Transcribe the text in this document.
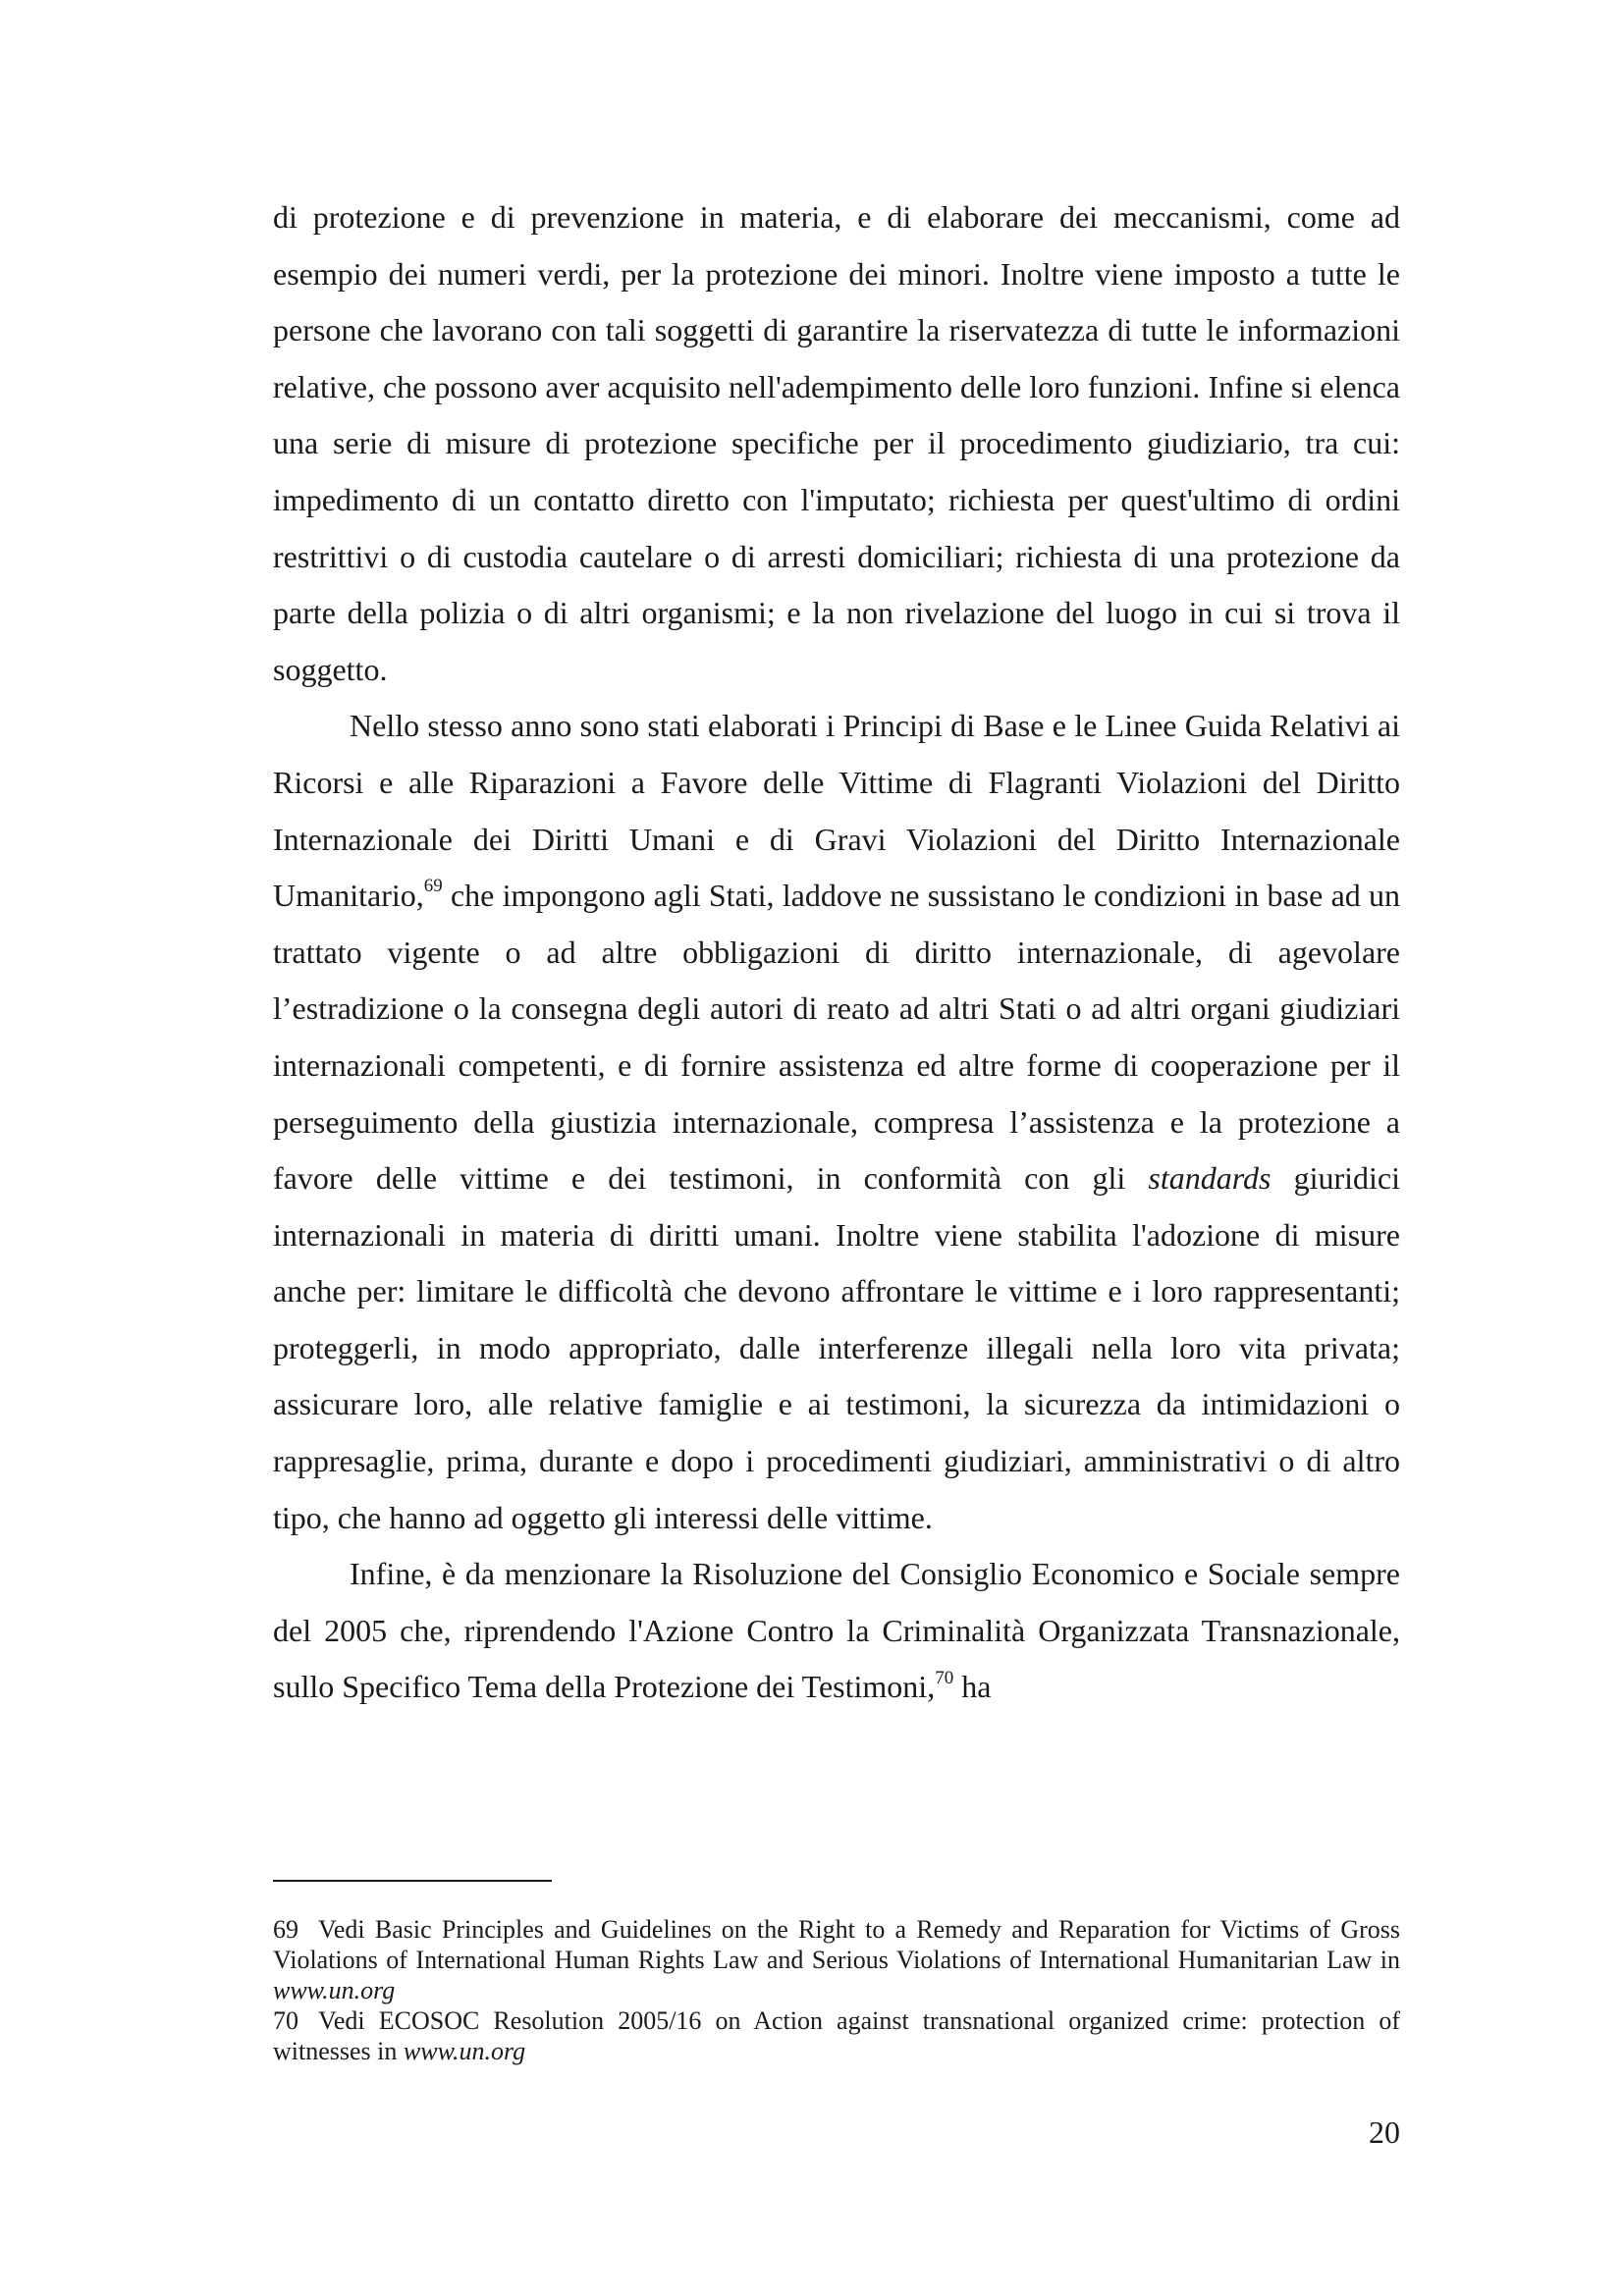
di protezione e di prevenzione in materia, e di elaborare dei meccanismi, come ad esempio dei numeri verdi, per la protezione dei minori. Inoltre viene imposto a tutte le persone che lavorano con tali soggetti di garantire la riservatezza di tutte le informazioni relative, che possono aver acquisito nell'adempimento delle loro funzioni. Infine si elenca una serie di misure di protezione specifiche per il procedimento giudiziario, tra cui: impedimento di un contatto diretto con l'imputato; richiesta per quest'ultimo di ordini restrittivi o di custodia cautelare o di arresti domiciliari; richiesta di una protezione da parte della polizia o di altri organismi; e la non rivelazione del luogo in cui si trova il soggetto.

Nello stesso anno sono stati elaborati i Principi di Base e le Linee Guida Relativi ai Ricorsi e alle Riparazioni a Favore delle Vittime di Flagranti Violazioni del Diritto Internazionale dei Diritti Umani e di Gravi Violazioni del Diritto Internazionale Umanitario,$^{69}$ che impongono agli Stati, laddove ne sussistano le condizioni in base ad un trattato vigente o ad altre obbligazioni di diritto internazionale, di agevolare l’estradizione o la consegna degli autori di reato ad altri Stati o ad altri organi giudiziari internazionali competenti, e di fornire assistenza ed altre forme di cooperazione per il perseguimento della giustizia internazionale, compresa l’assistenza e la protezione a favore delle vittime e dei testimoni, in conformità con gli standards giuridici internazionali in materia di diritti umani. Inoltre viene stabilita l'adozione di misure anche per: limitare le difficoltà che devono affrontare le vittime e i loro rappresentanti; proteggerli, in modo appropriato, dalle interferenze illegali nella loro vita privata; assicurare loro, alle relative famiglie e ai testimoni, la sicurezza da intimidazioni o rappresaglie, prima, durante e dopo i procedimenti giudiziari, amministrativi o di altro tipo, che hanno ad oggetto gli interessi delle vittime.

Infine, è da menzionare la Risoluzione del Consiglio Economico e Sociale sempre del 2005 che, riprendendo l'Azione Contro la Criminalità Organizzata Transnazionale, sullo Specifico Tema della Protezione dei Testimoni,$^{70}$ ha

69 Vedi Basic Principles and Guidelines on the Right to a Remedy and Reparation for Victims of Gross Violations of International Human Rights Law and Serious Violations of International Humanitarian Law in www.un.org

70 Vedi ECOSOC Resolution 2005/16 on Action against transnational organized crime: protection of witnesses in www.un.org

20
